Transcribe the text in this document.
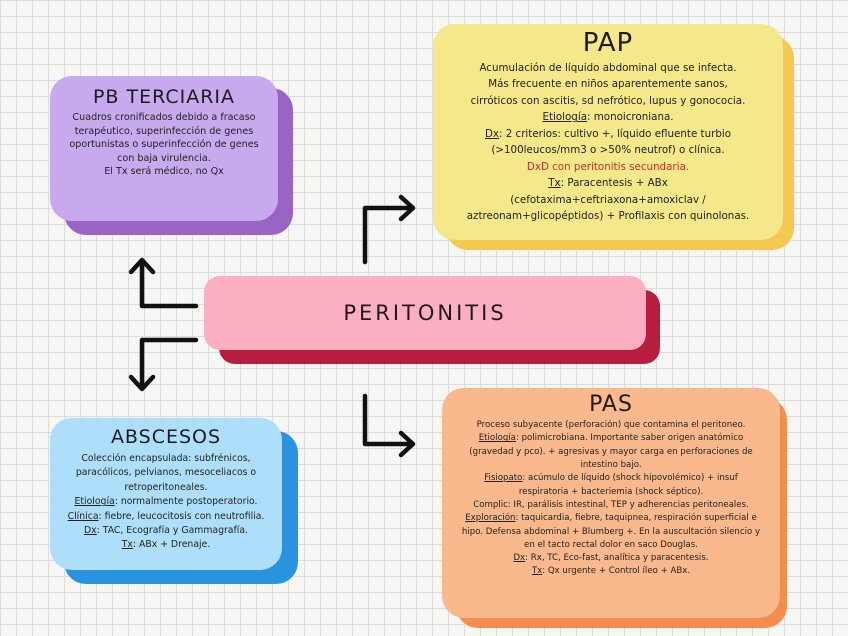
PB TERCIARIA
Cuadros cronificados debido a fracaso
terapéutico, superinfección de genes
oportunistas o superinfección de genes
con baja virulencia.
El Tx será médico, no Qx
PAP
Acumulación de líquido abdominal que se infecta.
Más frecuente en niños aparentemente sanos,
cirróticos con ascitis, sd nefrótico, lupus y gonococia.
Etiología: monoicroniana.
Dx: 2 criterios: cultivo +, líquido efluente turbio
(>100leucos/mm3 o >50% neutrof) o clínica.
DxD con peritonitis secundaria.
Tx: Paracentesis + ABx
(cefotaxima+ceftriaxona+amoxiclav /
aztreonam+glicopéptidos) + Profilaxis con quinolonas.
PERITONITIS
ABSCESOS
Colección encapsulada: subfrénicos,
paracólicos, pelvianos, mesoceliacos o
retroperitoneales.
Etiología: normalmente postoperatorio.
Clínica: fiebre, leucocitosis con neutrofilia.
Dx: TAC, Ecografía y Gammagrafía.
Tx: ABx + Drenaje.
PAS
Proceso subyacente (perforación) que contamina el peritoneo.
Etiología: polimicrobiana. Importante saber origen anatómico
(gravedad y pco). + agresivas y mayor carga en perforaciones de
intestino bajo.
Fisiopato: acúmulo de líquido (shock hipovolémico) + insuf
respiratoria + bacteriemia (shock séptico).
Complic: IR, parálisis intestinal, TEP y adherencias peritoneales.
Exploración: taquicardia, fiebre, taquipnea, respiración superficial e
hipo. Defensa abdominal + Blumberg +. En la auscultación silencio y
en el tacto rectal dolor en saco Douglas.
Dx: Rx, TC, Eco-fast, analítica y paracentesis.
Tx: Qx urgente + Control íleo + ABx.
